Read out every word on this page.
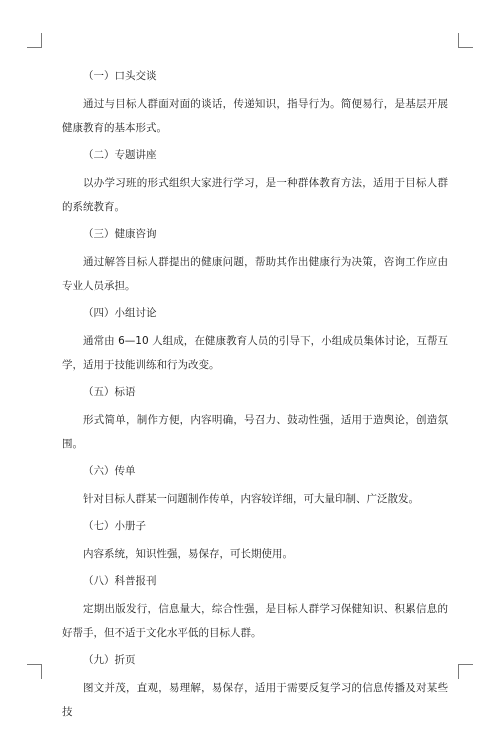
（一）口头交谈
通过与目标人群面对面的谈话，传递知识，指导行为。简便易行，是基层开展健康教育的基本形式。
（二）专题讲座
以办学习班的形式组织大家进行学习，是一种群体教育方法，适用于目标人群的系统教育。
（三）健康咨询
通过解答目标人群提出的健康问题，帮助其作出健康行为决策，咨询工作应由专业人员承担。
（四）小组讨论
通常由 6—10 人组成，在健康教育人员的引导下，小组成员集体讨论，互帮互学，适用于技能训练和行为改变。
（五）标语
形式简单，制作方便，内容明确，号召力、鼓动性强，适用于造舆论，创造氛围。
（六）传单
针对目标人群某一问题制作传单，内容较详细，可大量印制、广泛散发。
（七）小册子
内容系统，知识性强，易保存，可长期使用。
（八）科普报刊
定期出版发行，信息量大，综合性强，是目标人群学习保健知识、积累信息的好帮手，但不适于文化水平低的目标人群。
（九）折页
图文并茂，直观，易理解，易保存，适用于需要反复学习的信息传播及对某些技
